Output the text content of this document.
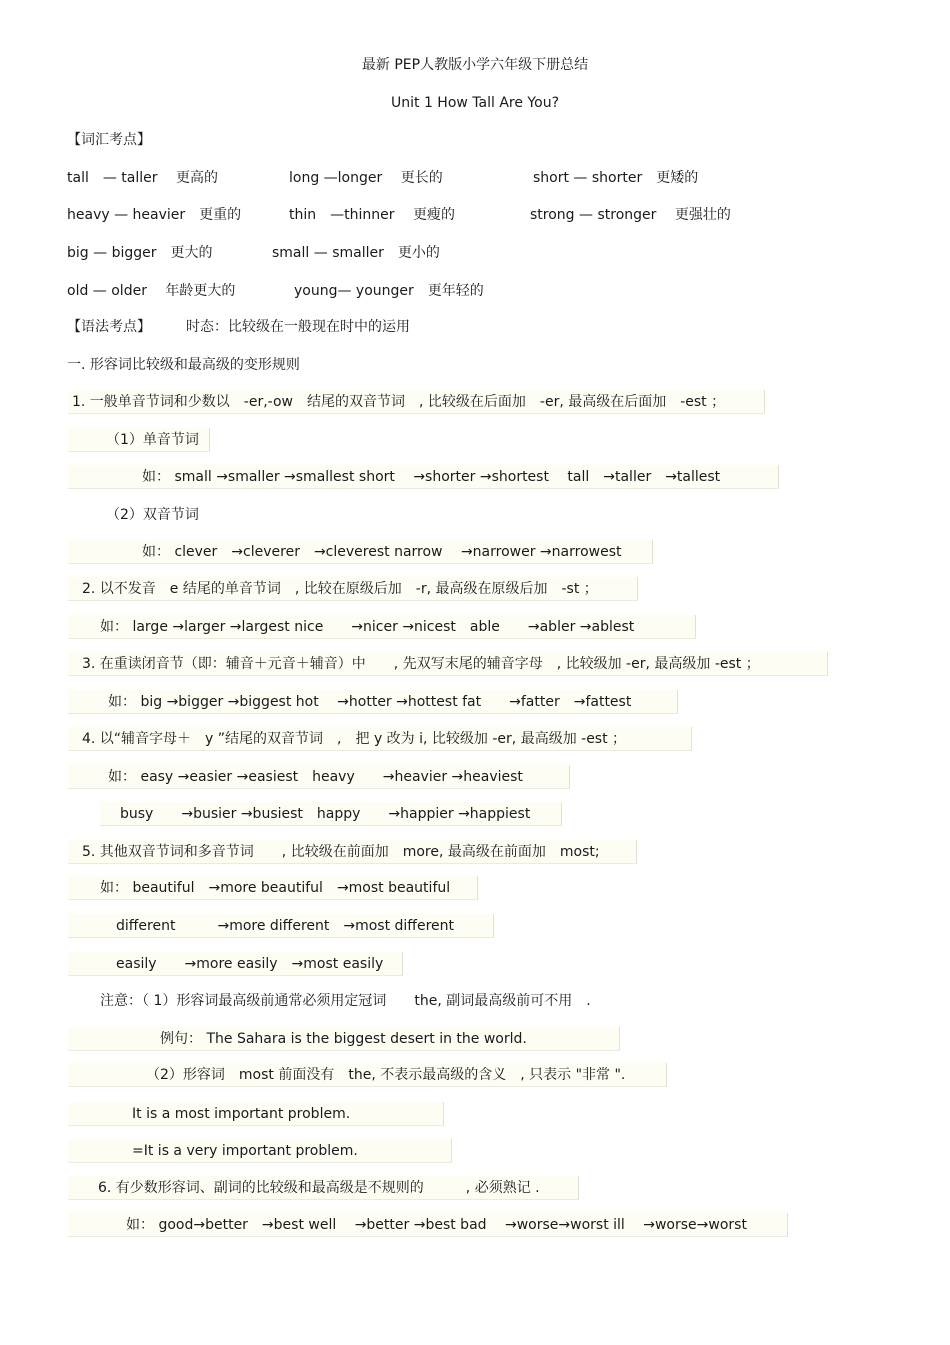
最新 PEP人教版小学六年级下册总结
Unit 1 How Tall Are You?
【词汇考点】
tall　— taller　 更高的	long —longer　 更长的	short — shorter　更矮的
heavy — heavier　更重的	thin　—thinner　 更瘦的	strong — stronger　 更强壮的
big — bigger　更大的	small — smaller　更小的
old — older　 年龄更大的	young— younger　更年轻的
【语法考点】	时态：比较级在一般现在时中的运用
一. 形容词比较级和最高级的变形规则
1. 一般单音节词和少数以　-er,-ow　结尾的双音节词　, 比较级在后面加　-er, 最高级在后面加　-est ；
（1）单音节词
如： small →smaller →smallest short　 →shorter →shortest　 tall　→taller　→tallest
（2）双音节词
如： clever　→cleverer　→cleverest narrow　 →narrower →narrowest
2. 以不发音　e 结尾的单音节词　, 比较在原级后加　-r, 最高级在原级后加　-st ；
如： large →larger →largest nice　　→nicer →nicest　able　　→abler →ablest
3. 在重读闭音节（即：辅音＋元音＋辅音）中　　, 先双写末尾的辅音字母　, 比较级加 -er, 最高级加 -est ；
如： big →bigger →biggest hot　 →hotter →hottest fat　　→fatter　→fattest
4. 以“辅音字母＋　y ”结尾的双音节词　,　把 y 改为 i, 比较级加 -er, 最高级加 -est ；
如： easy →easier →easiest　heavy　　→heavier →heaviest
busy　　→busier →busiest　happy　　→happier →happiest
5. 其他双音节词和多音节词　　, 比较级在前面加　more, 最高级在前面加　most;
如： beautiful　→more beautiful　→most beautiful
different　　　→more different　→most different
easily　　→more easily　→most easily
注意：（ 1）形容词最高级前通常必须用定冠词　　the, 副词最高级前可不用　.
例句： The Sahara is the biggest desert in the world.
（2）形容词　most 前面没有　the, 不表示最高级的含义　, 只表示 "非常 ".
It is a most important problem.
=It is a very important problem.
6. 有少数形容词、副词的比较级和最高级是不规则的　　　, 必须熟记 .
如： good→better　→best well　 →better →best bad　 →worse→worst ill　 →worse→worst
